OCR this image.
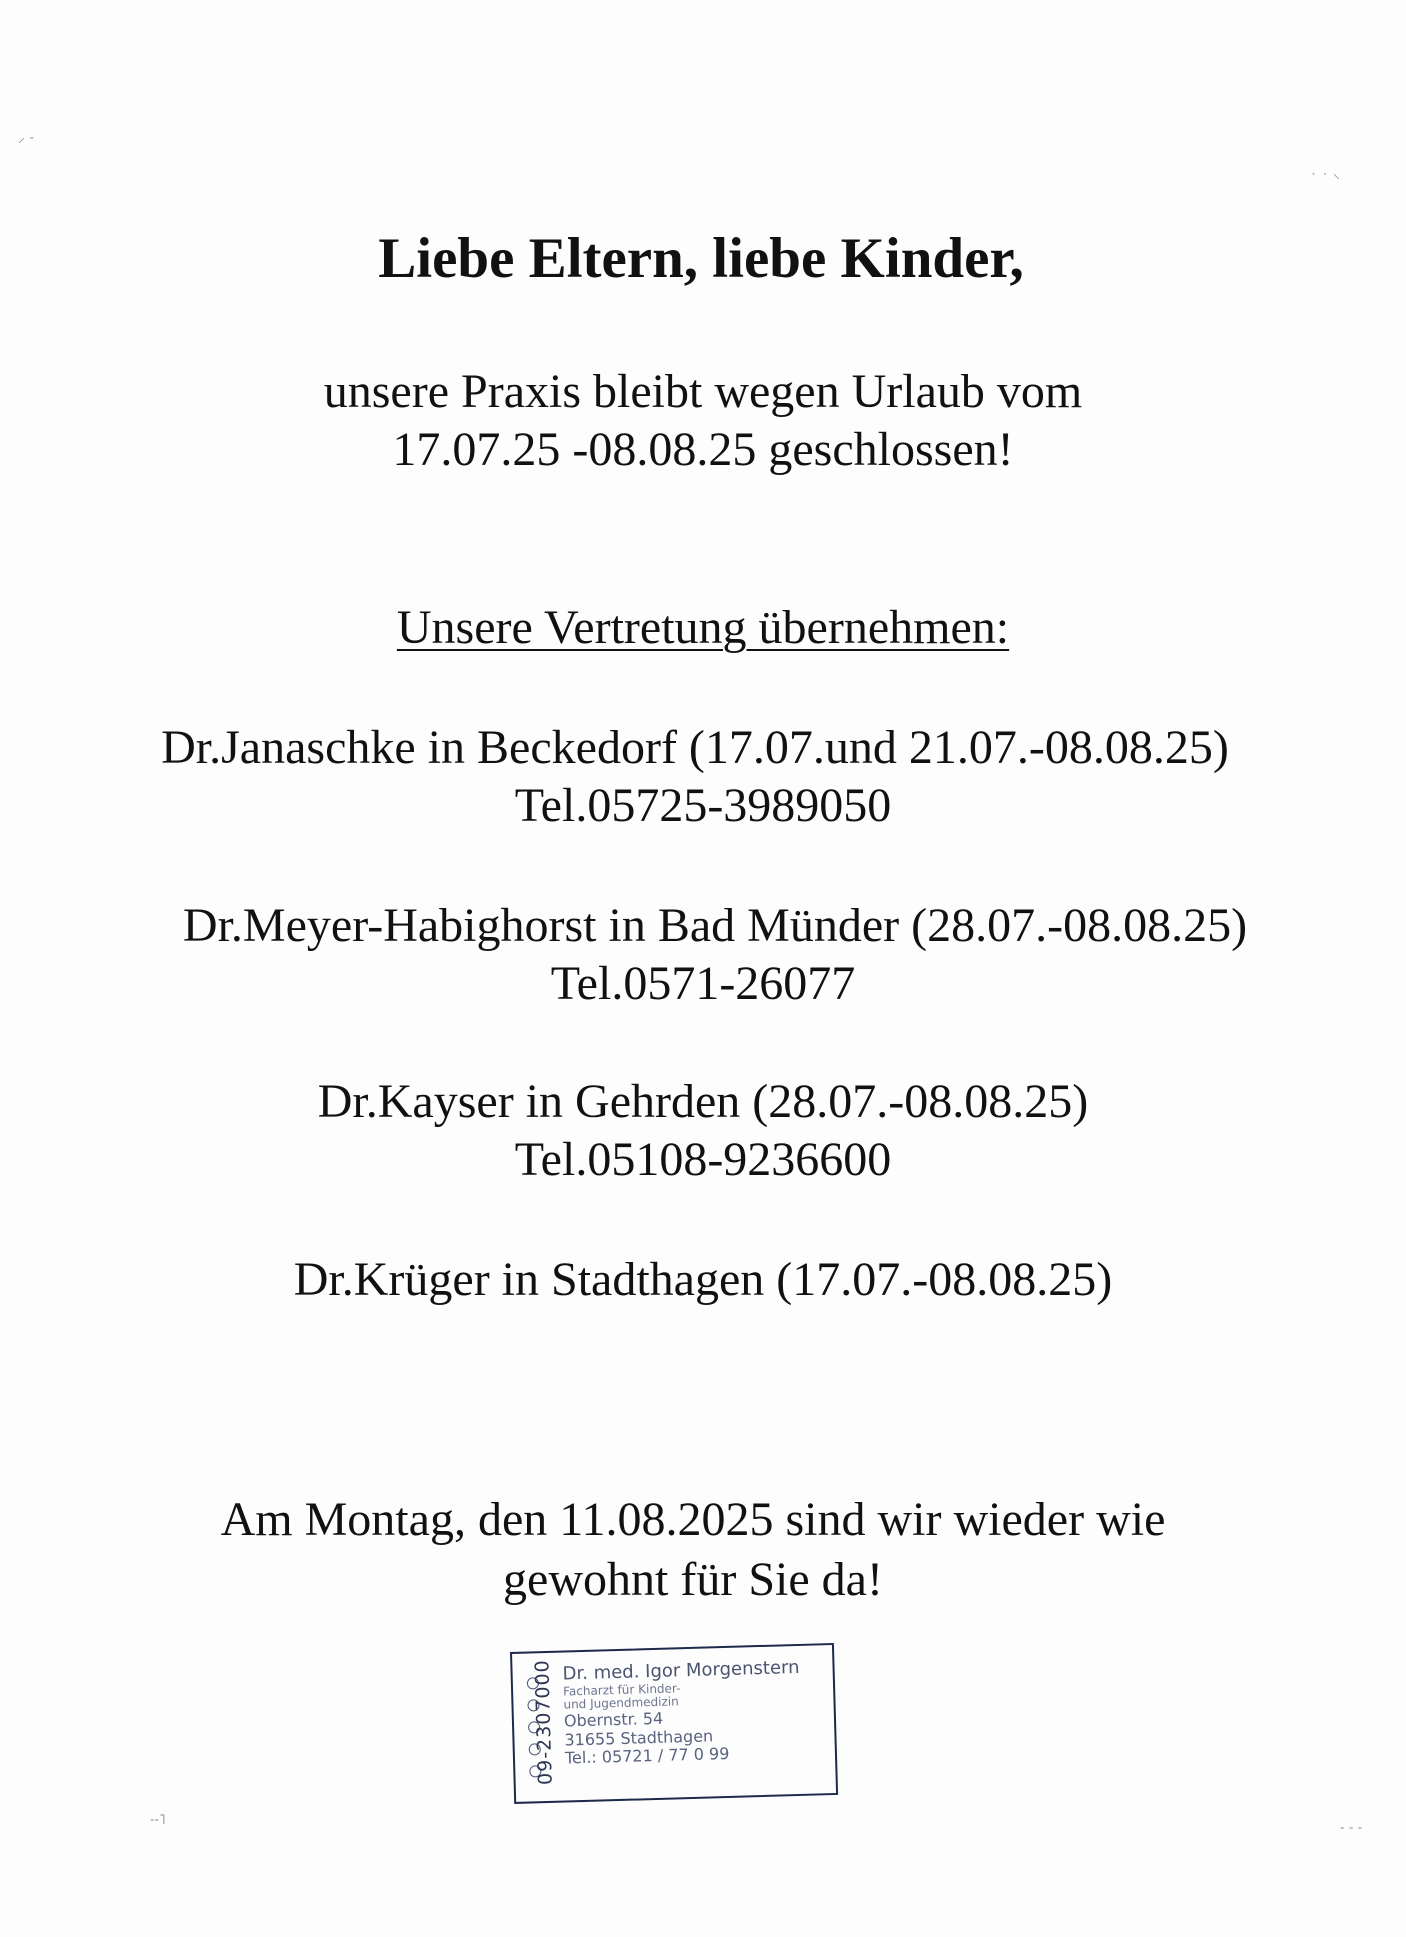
Liebe Eltern, liebe Kinder,
unsere Praxis bleibt wegen Urlaub vom
17.07.25 -08.08.25 geschlossen!
Unsere Vertretung übernehmen:
Dr.Janaschke in Beckedorf (17.07.und 21.07.-08.08.25)
Tel.05725-3989050
Dr.Meyer-Habighorst in Bad Münder (28.07.-08.08.25)
Tel.0571-26077
Dr.Kayser in Gehrden (28.07.-08.08.25)
Tel.05108-9236600
Dr.Krüger in Stadthagen (17.07.-08.08.25)
Am Montag, den 11.08.2025 sind wir wieder wie
gewohnt für Sie da!
09-2307000 Dr. med. Igor Morgenstern
Facharzt für Kinder-
und Jugendmedizin
Obernstr. 54
31655 Stadthagen
Tel.: 05721 / 77 0 99
⸝ ˗
˙ ˙ ⸌
˗˗˥	˗ ˗ ˗
